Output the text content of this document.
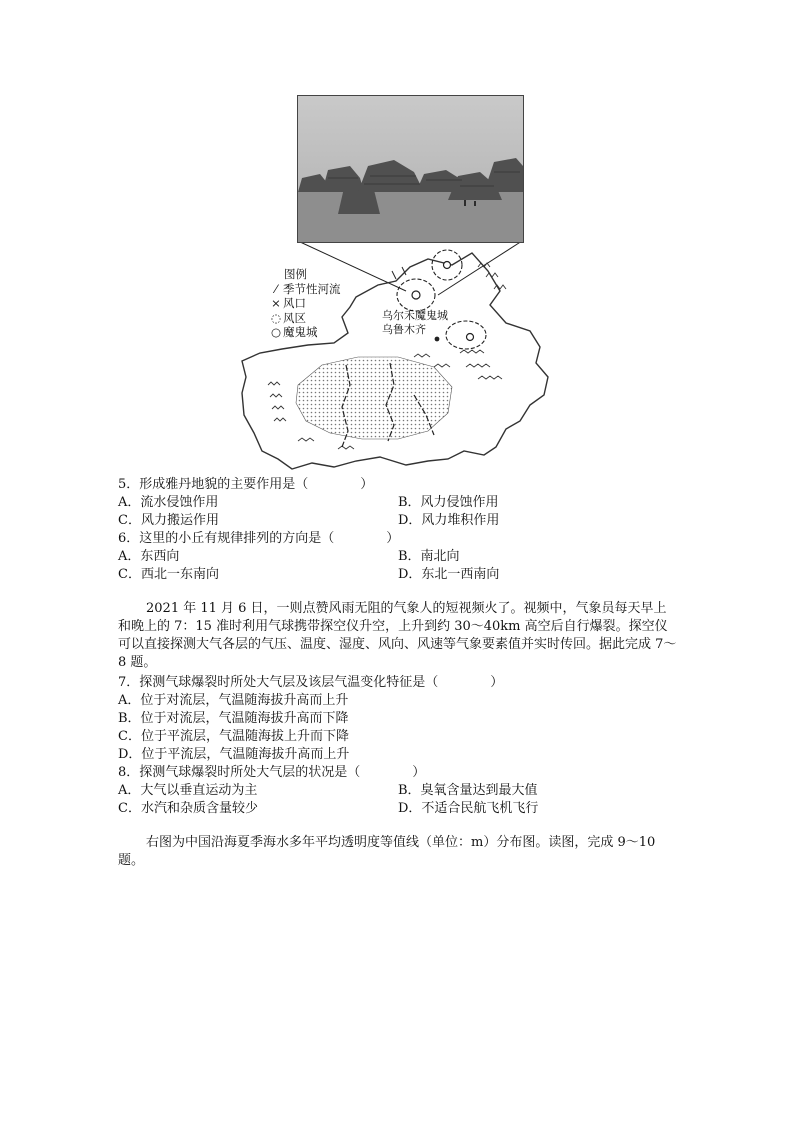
图例
⁄ 季节性河流
× 风口
◌ 风区
○ 魔鬼城
乌尔禾魔鬼城
乌鲁木齐
5．形成雅丹地貌的主要作用是（	）
A．流水侵蚀作用	B．风力侵蚀作用
C．风力搬运作用	D．风力堆积作用
6．这里的小丘有规律排列的方向是（	）
A．东西向	B．南北向
C．西北一东南向	D．东北一西南向

2021 年 11 月 6 日，一则点赞风雨无阻的气象人的短视频火了。视频中，气象员每天早上和晚上的 7：15 准时利用气球携带探空仪升空，上升到约 30～40km 高空后自行爆裂。探空仪可以直接探测大气各层的气压、温度、湿度、风向、风速等气象要素值并实时传回。据此完成 7～8 题。

7．探测气球爆裂时所处大气层及该层气温变化特征是（	）
A．位于对流层，气温随海拔升高而上升
B．位于对流层，气温随海拔升高而下降
C．位于平流层，气温随海拔上升而下降
D．位于平流层，气温随海拔升高而上升
8．探测气球爆裂时所处大气层的状况是（	）
A．大气以垂直运动为主	B．臭氧含量达到最大值
C．水汽和杂质含量较少	D．不适合民航飞机飞行

右图为中国沿海夏季海水多年平均透明度等值线（单位：m）分布图。读图，完成 9～10 题。
